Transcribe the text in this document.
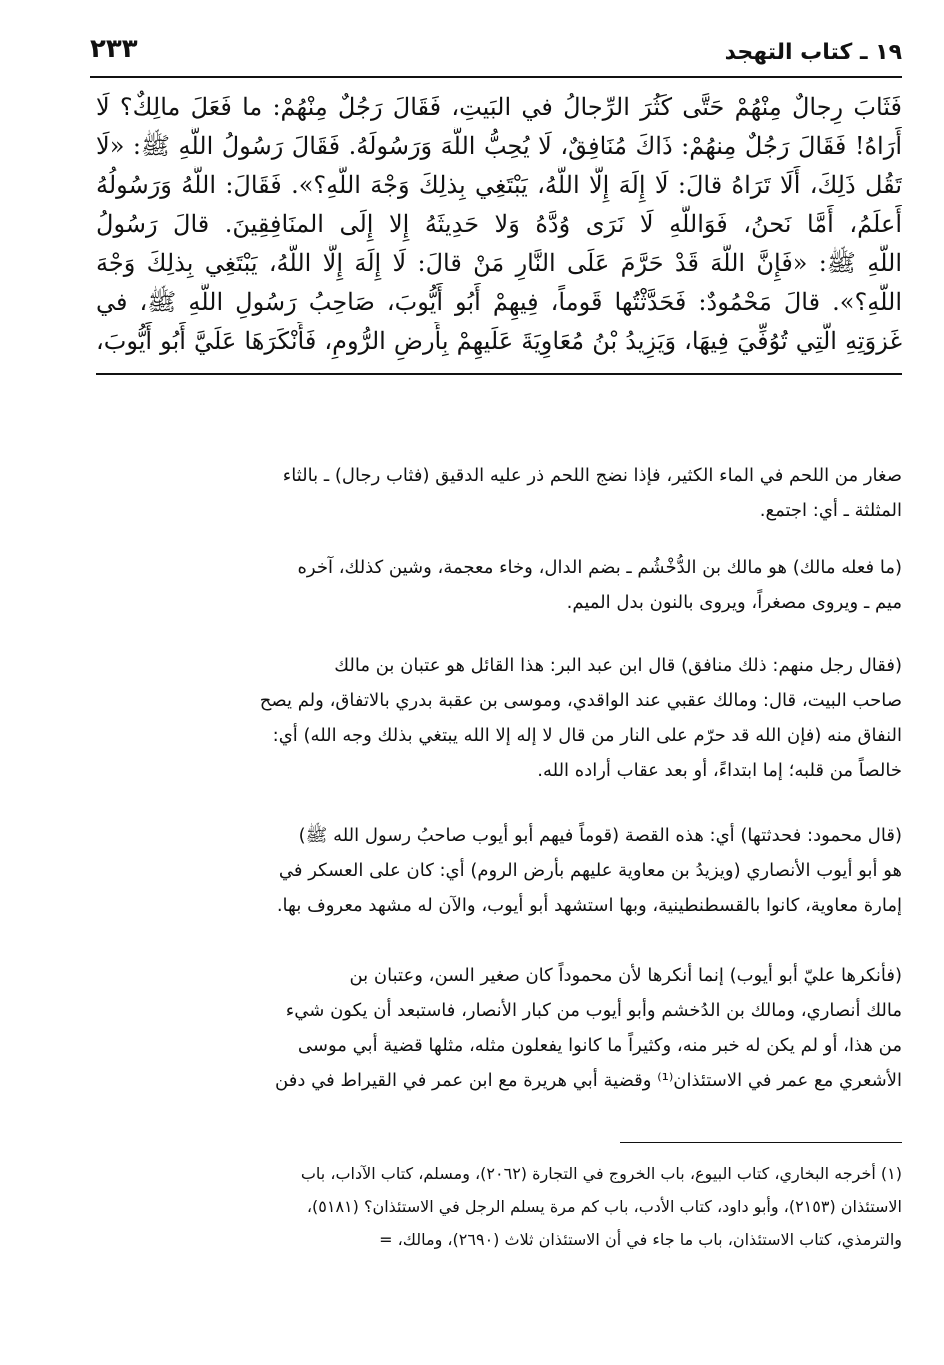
١٩ ـ كتاب التهجد
٢٣٣
فَثَابَ رِجالٌ مِنْهُمْ حَتَّى كَثُرَ الرِّجالُ في البَيتِ، فَقَالَ رَجُلٌ مِنْهُمْ: ما فَعَلَ مالِكٌ؟ لَا
أَرَاهُ! فَقَالَ رَجُلٌ مِنهُمْ: ذَاكَ مُنَافِقٌ، لَا يُحِبُّ اللَّهَ وَرَسُولَهُ. فَقَالَ رَسُولُ اللَّهِ ﷺ: «لَا
تَقُل ذَلِكَ، أَلَا تَرَاهُ قالَ: لَا إِلَهَ إِلَّا اللَّهُ، يَبْتَغِي بِذلِكَ وَجْهَ اللَّهِ؟». فَقَالَ: اللَّهُ وَرَسُولُهُ
أَعلَمُ، أَمَّا نَحنُ، فَوَاللَّهِ لَا نَرَى وُدَّهُ وَلا حَدِيثَهُ إِلا إِلَى المنَافِقِينَ. قالَ رَسُولُ
اللَّهِ ﷺ: «فَإِنَّ اللَّهَ قَدْ حَرَّمَ عَلَى النَّارِ مَنْ قالَ: لَا إِلَهَ إِلَّا اللَّهُ، يَبْتَغِي بِذلِكَ وَجْهَ
اللَّهِ؟». قالَ مَحْمُودٌ: فَحَدَّثْتُها قَوماً، فِيهِمْ أَبُو أَيُّوبَ، صَاحِبُ رَسُولِ اللَّهِ ﷺ، في
غَزوَتِهِ الَّتِي تُوُفِّيَ فِيهَا، وَيَزِيدُ بْنُ مُعَاوِيَةَ عَلَيهِمْ بِأَرضِ الرُّومِ، فَأَنْكَرَهَا عَلَيَّ أَبُو أَيُّوبَ،
صغار من اللحم في الماء الكثير، فإذا نضج اللحم ذر عليه الدقيق (فثاب رجال) ـ بالثاء
المثلثة ـ أي: اجتمع.
(ما فعله مالك) هو مالك بن الدُّخْشُم ـ بضم الدال، وخاء معجمة، وشين كذلك، آخره
ميم ـ ويروى مصغراً، ويروى بالنون بدل الميم.
(فقال رجل منهم: ذلك منافق) قال ابن عبد البر: هذا القائل هو عتبان بن مالك
صاحب البيت، قال: ومالك عقبي عند الواقدي، وموسى بن عقبة بدري بالاتفاق، ولم يصح
النفاق منه (فإن الله قد حرّم على النار من قال لا إله إلا الله يبتغي بذلك وجه الله) أي:
خالصاً من قلبه؛ إما ابتداءً، أو بعد عقاب أراده الله.
(قال محمود: فحدثتها) أي: هذه القصة (قوماً فيهم أبو أيوب صاحبُ رسول الله ﷺ)
هو أبو أيوب الأنصاري (ويزيدُ بن معاوية عليهم بأرض الروم) أي: كان على العسكر في
إمارة معاوية، كانوا بالقسطنطينية، وبها استشهد أبو أيوب، والآن له مشهد معروف بها.
(فأنكرها عليّ أبو أيوب) إنما أنكرها لأن محموداً كان صغير السن، وعتبان بن
مالك أنصاري، ومالك بن الدُخشم وأبو أيوب من كبار الأنصار، فاستبعد أن يكون شيء
من هذا، أو لم يكن له خبر منه، وكثيراً ما كانوا يفعلون مثله، مثلها قضية أبي موسى
الأشعري مع عمر في الاستئذان⁽¹⁾ وقضية أبي هريرة مع ابن عمر في القيراط في دفن
(١) أخرجه البخاري، كتاب البيوع، باب الخروج في التجارة (٢٠٦٢)، ومسلم، كتاب الآداب، باب
الاستئذان (٢١٥٣)، وأبو داود، كتاب الأدب، باب كم مرة يسلم الرجل في الاستئذان؟ (٥١٨١)،
والترمذي، كتاب الاستئذان، باب ما جاء في أن الاستئذان ثلاث (٢٦٩٠)، ومالك، =
